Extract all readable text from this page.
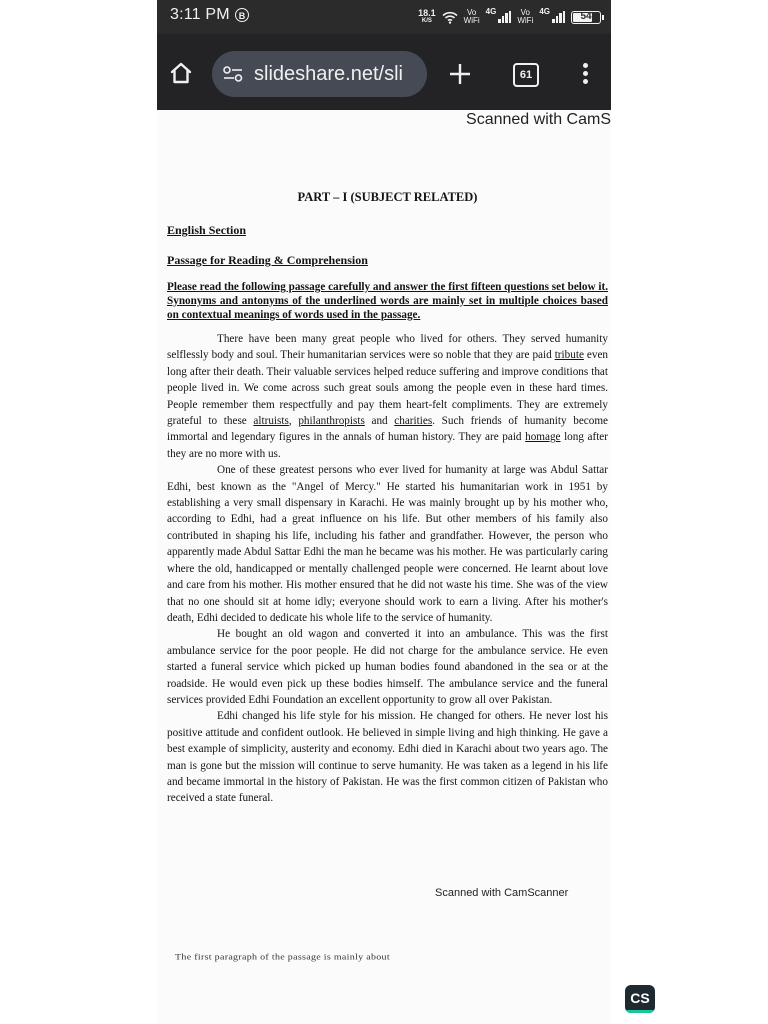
3:11 PM B	18.1
K/S
Vo
WiFi
4G	Vo
WiFi
4G	54
slideshare.net/sli	61
Scanned with CamS
PART – I (SUBJECT RELATED)
English Section
Passage for Reading & Comprehension
Please read the following passage carefully and answer the first fifteen questions set below it. Synonyms and antonyms of the underlined words are mainly set in multiple choices based on contextual meanings of words used in the passage.

There have been many great people who lived for others. They served humanity selflessly body and soul. Their humanitarian services were so noble that they are paid tribute even long after their death. Their valuable services helped reduce suffering and improve conditions that people lived in. We come across such great souls among the people even in these hard times. People remember them respectfully and pay them heart-felt compliments. They are extremely grateful to these altruists, philanthropists and charities. Such friends of humanity become immortal and legendary figures in the annals of human history. They are paid homage long after they are no more with us.

One of these greatest persons who ever lived for humanity at large was Abdul Sattar Edhi, best known as the "Angel of Mercy." He started his humanitarian work in 1951 by establishing a very small dispensary in Karachi. He was mainly brought up by his mother who, according to Edhi, had a great influence on his life. But other members of his family also contributed in shaping his life, including his father and grandfather. However, the person who apparently made Abdul Sattar Edhi the man he became was his mother. He was particularly caring where the old, handicapped or mentally challenged people were concerned. He learnt about love and care from his mother. His mother ensured that he did not waste his time. She was of the view that no one should sit at home idly; everyone should work to earn a living. After his mother's death, Edhi decided to dedicate his whole life to the service of humanity.

He bought an old wagon and converted it into an ambulance. This was the first ambulance service for the poor people. He did not charge for the ambulance service. He even started a funeral service which picked up human bodies found abandoned in the sea or at the roadside. He would even pick up these bodies himself. The ambulance service and the funeral services provided Edhi Foundation an excellent opportunity to grow all over Pakistan.

Edhi changed his life style for his mission. He changed for others. He never lost his positive attitude and confident outlook. He believed in simple living and high thinking. He gave a best example of simplicity, austerity and economy. Edhi died in Karachi about two years ago. The man is gone but the mission will continue to serve humanity. He was taken as a legend in his life and became immortal in the history of Pakistan. He was the first common citizen of Pakistan who received a state funeral.

Scanned with CamScanner
The first paragraph of the passage is mainly about
CS
